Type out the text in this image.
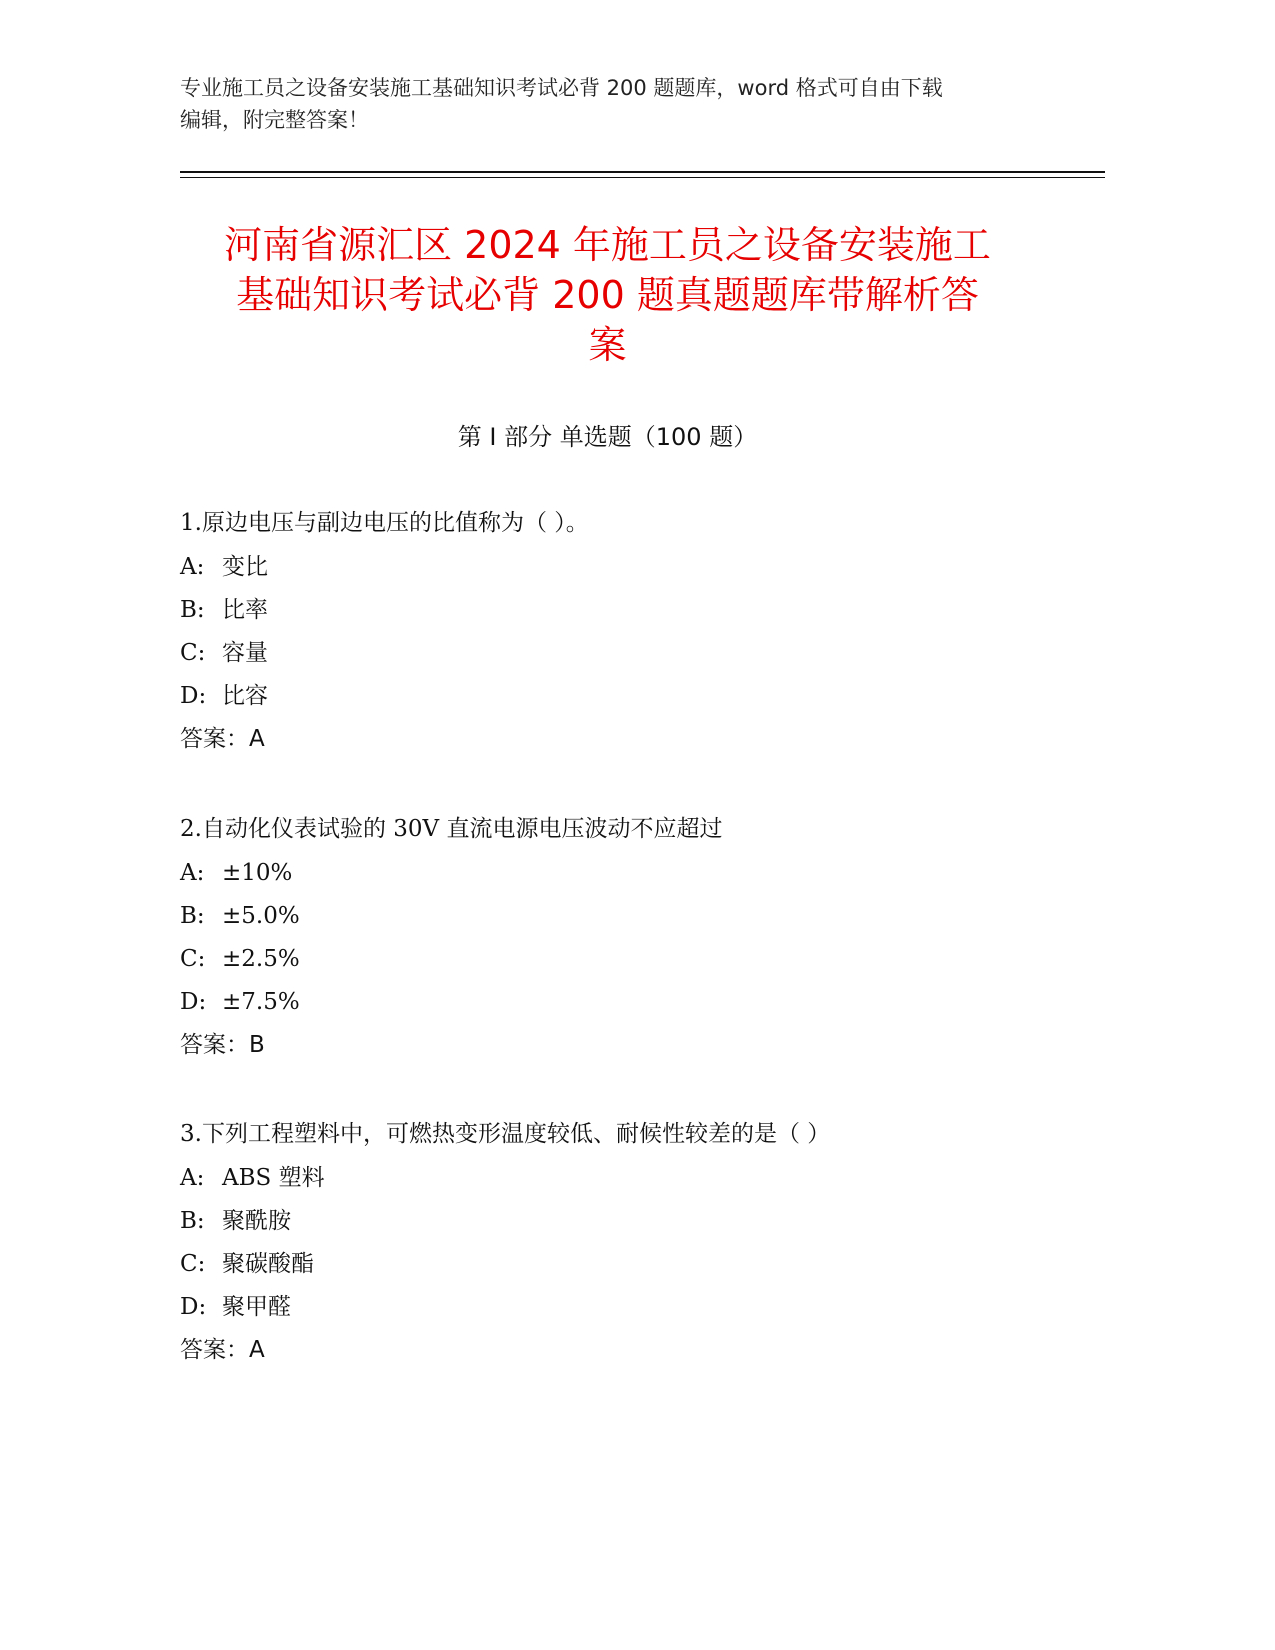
专业施工员之设备安装施工基础知识考试必背 200 题题库，word 格式可自由下载
编辑，附完整答案！
河南省源汇区 2024 年施工员之设备安装施工
基础知识考试必背 200 题真题题库带解析答
案
第 I 部分 单选题（100 题）
1.原边电压与副边电压的比值称为（ ）。
A: 变比
B: 比率
C: 容量
D: 比容
答案：A
2.自动化仪表试验的 30V 直流电源电压波动不应超过
A: ±10%
B: ±5.0%
C: ±2.5%
D: ±7.5%
答案：B
3.下列工程塑料中，可燃热变形温度较低、耐候性较差的是（ ）
A: ABS 塑料
B: 聚酰胺
C: 聚碳酸酯
D: 聚甲醛
答案：A
